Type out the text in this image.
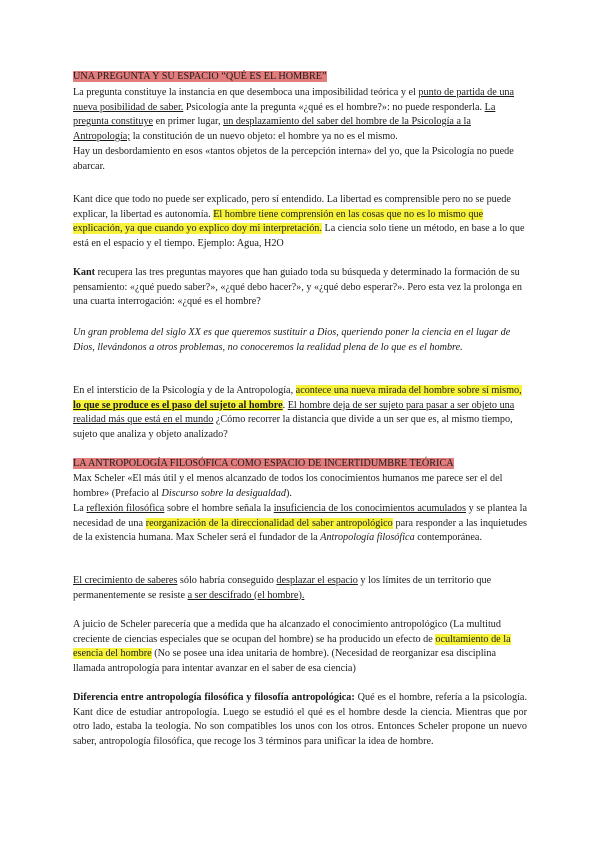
UNA PREGUNTA Y SU ESPACIO “QUÉ ES EL HOMBRE”

La pregunta constituye la instancia en que desemboca una imposibilidad teórica y el punto de partida de una nueva posibilidad de saber. Psicología ante la pregunta «¿qué es el hombre?»: no puede responderla. La pregunta constituye en primer lugar, un desplazamiento del saber del hombre de la Psicología a la Antropología; la constitución de un nuevo objeto: el hombre ya no es el mismo.

Hay un desbordamiento en esos «tantos objetos de la percepción interna» del yo, que la Psicología no puede abarcar.

Kant dice que todo no puede ser explicado, pero sí entendido. La libertad es comprensible pero no se puede explicar, la libertad es autonomía. El hombre tiene comprensión en las cosas que no es lo mismo que explicación, ya que cuando yo explico doy mi interpretación. La ciencia solo tiene un método, en base a lo que está en el espacio y el tiempo. Ejemplo: Agua, H2O

Kant recupera las tres preguntas mayores que han guiado toda su búsqueda y determinado la formación de su pensamiento: «¿qué puedo saber?», «¿qué debo hacer?», y «¿qué debo esperar?». Pero esta vez la prolonga en una cuarta interrogación: «¿qué es el hombre?

Un gran problema del siglo XX es que queremos sustituir a Dios, queriendo poner la ciencia en el lugar de Dios, llevándonos a otros problemas, no conoceremos la realidad plena de lo que es el hombre.

En el intersticio de la Psicología y de la Antropología, acontece una nueva mirada del hombre sobre sí mismo, lo que se produce es el paso del sujeto al hombre. El hombre deja de ser sujeto para pasar a ser objeto una realidad más que está en el mundo ¿Cómo recorrer la distancia que divide a un ser que es, al mismo tiempo, sujeto que analiza y objeto analizado?

LA ANTROPOLOGÍA FILOSÓFICA COMO ESPACIO DE INCERTIDUMBRE TEÓRICA

Max Scheler «El más útil y el menos alcanzado de todos los conocimientos humanos me parece ser el del hombre» (Prefacio al Discurso sobre la desigualdad).

La reflexión filosófica sobre el hombre señala la insuficiencia de los conocimientos acumulados y se plantea la necesidad de una reorganización de la direccionalidad del saber antropológico para responder a las inquietudes de la existencia humana. Max Scheler será el fundador de la Antropología filosófica contemporánea.

El crecimiento de saberes sólo habría conseguido desplazar el espacio y los límites de un territorio que permanentemente se resiste a ser descifrado (el hombre).

A juicio de Scheler parecería que a medida que ha alcanzado el conocimiento antropológico (La multitud creciente de ciencias especiales que se ocupan del hombre) se ha producido un efecto de ocultamiento de la esencia del hombre (No se posee una idea unitaria de hombre). (Necesidad de reorganizar esa disciplina llamada antropología para intentar avanzar en el saber de esa ciencia)

Diferencia entre antropología filosófica y filosofía antropológica: Qué es el hombre, refería a la psicología. Kant dice de estudiar antropología. Luego se estudió el qué es el hombre desde la ciencia. Mientras que por otro lado, estaba la teología. No son compatibles los unos con los otros. Entonces Scheler propone un nuevo saber, antropología filosófica, que recoge los 3 términos para unificar la idea de hombre.
